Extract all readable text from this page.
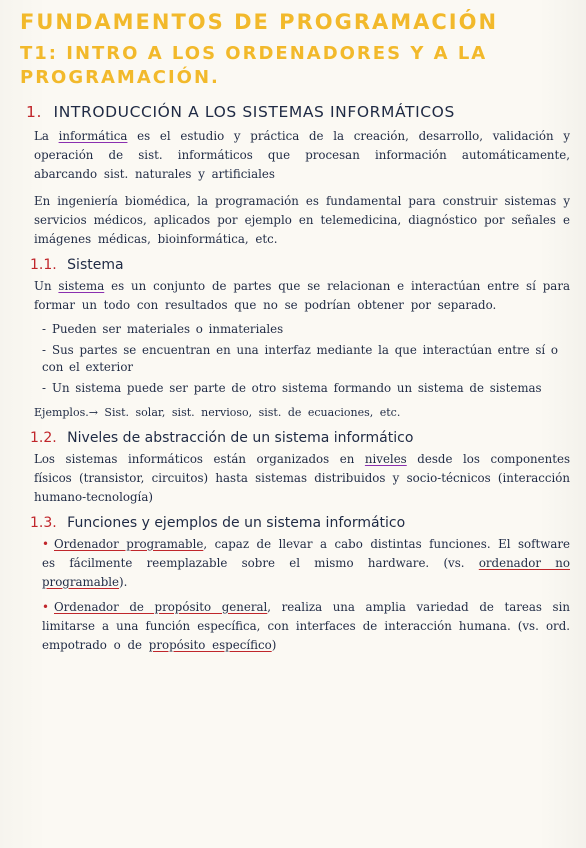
FUNDAMENTOS DE PROGRAMACIÓN
T1: INTRO A LOS ORDENADORES Y A LA PROGRAMACIÓN.
1. INTRODUCCIÓN A LOS SISTEMAS INFORMÁTICOS

La informática es el estudio y práctica de la creación, desarrollo, validación y operación de sist. informáticos que procesan información automáticamente, abarcando sist. naturales y artificiales

En ingeniería biomédica, la programación es fundamental para construir sistemas y servicios médicos, aplicados por ejemplo en telemedicina, diagnóstico por señales e imágenes médicas, bioinformática, etc.

1.1. Sistema

Un sistema es un conjunto de partes que se relacionan e interactúan entre sí para formar un todo con resultados que no se podrían obtener por separado.

- Pueden ser materiales o inmateriales
- Sus partes se encuentran en una interfaz mediante la que interactúan entre sí o con el exterior
- Un sistema puede ser parte de otro sistema formando un sistema de sistemas

Ejemplos.→ Sist. solar, sist. nervioso, sist. de ecuaciones, etc.

1.2. Niveles de abstracción de un sistema informático

Los sistemas informáticos están organizados en niveles desde los componentes físicos (transistor, circuitos) hasta sistemas distribuidos y socio-técnicos (interacción humano-tecnología)

1.3. Funciones y ejemplos de un sistema informático
• Ordenador programable, capaz de llevar a cabo distintas funciones. El software es fácilmente reemplazable sobre el mismo hardware. (vs. ordenador no programable).
• Ordenador de propósito general, realiza una amplia variedad de tareas sin limitarse a una función específica, con interfaces de interacción humana. (vs. ord. empotrado o de propósito específico)
